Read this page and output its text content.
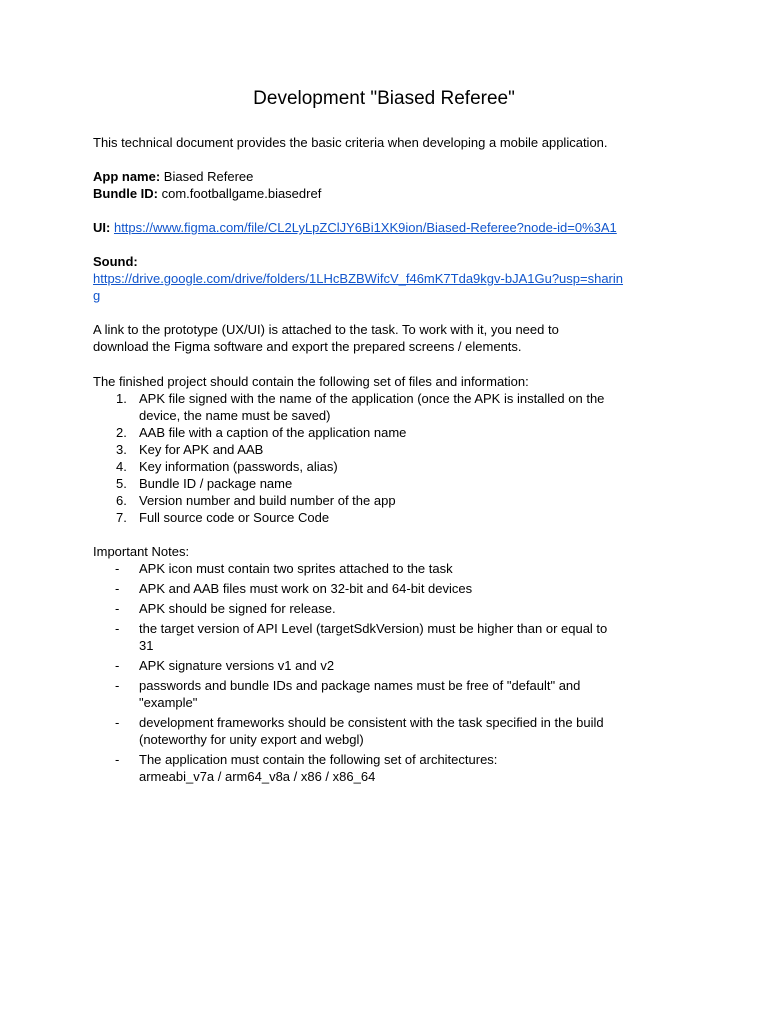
Development "Biased Referee"
This technical document provides the basic criteria when developing a mobile application.
App name: Biased Referee
Bundle ID: com.footballgame.biasedref
UI: https://www.figma.com/file/CL2LyLpZClJY6Bi1XK9ion/Biased-Referee?node-id=0%3A1
Sound:
https://drive.google.com/drive/folders/1LHcBZBWifcV_f46mK7Tda9kgv-bJA1Gu?usp=sharin
g
A link to the prototype (UX/UI) is attached to the task. To work with it, you need to
download the Figma software and export the prepared screens / elements.
The finished project should contain the following set of files and information:
1. APK file signed with the name of the application (once the APK is installed on the
device, the name must be saved)
2. AAB file with a caption of the application name
3. Key for APK and AAB
4. Key information (passwords, alias)
5. Bundle ID / package name
6. Version number and build number of the app
7. Full source code or Source Code
Important Notes:
- APK icon must contain two sprites attached to the task
- APK and AAB files must work on 32-bit and 64-bit devices
- APK should be signed for release.
- the target version of API Level (targetSdkVersion) must be higher than or equal to
31
- APK signature versions v1 and v2
- passwords and bundle IDs and package names must be free of "default" and
"example"
- development frameworks should be consistent with the task specified in the build
(noteworthy for unity export and webgl)
- The application must contain the following set of architectures:
armeabi_v7a / arm64_v8a / x86 / x86_64
